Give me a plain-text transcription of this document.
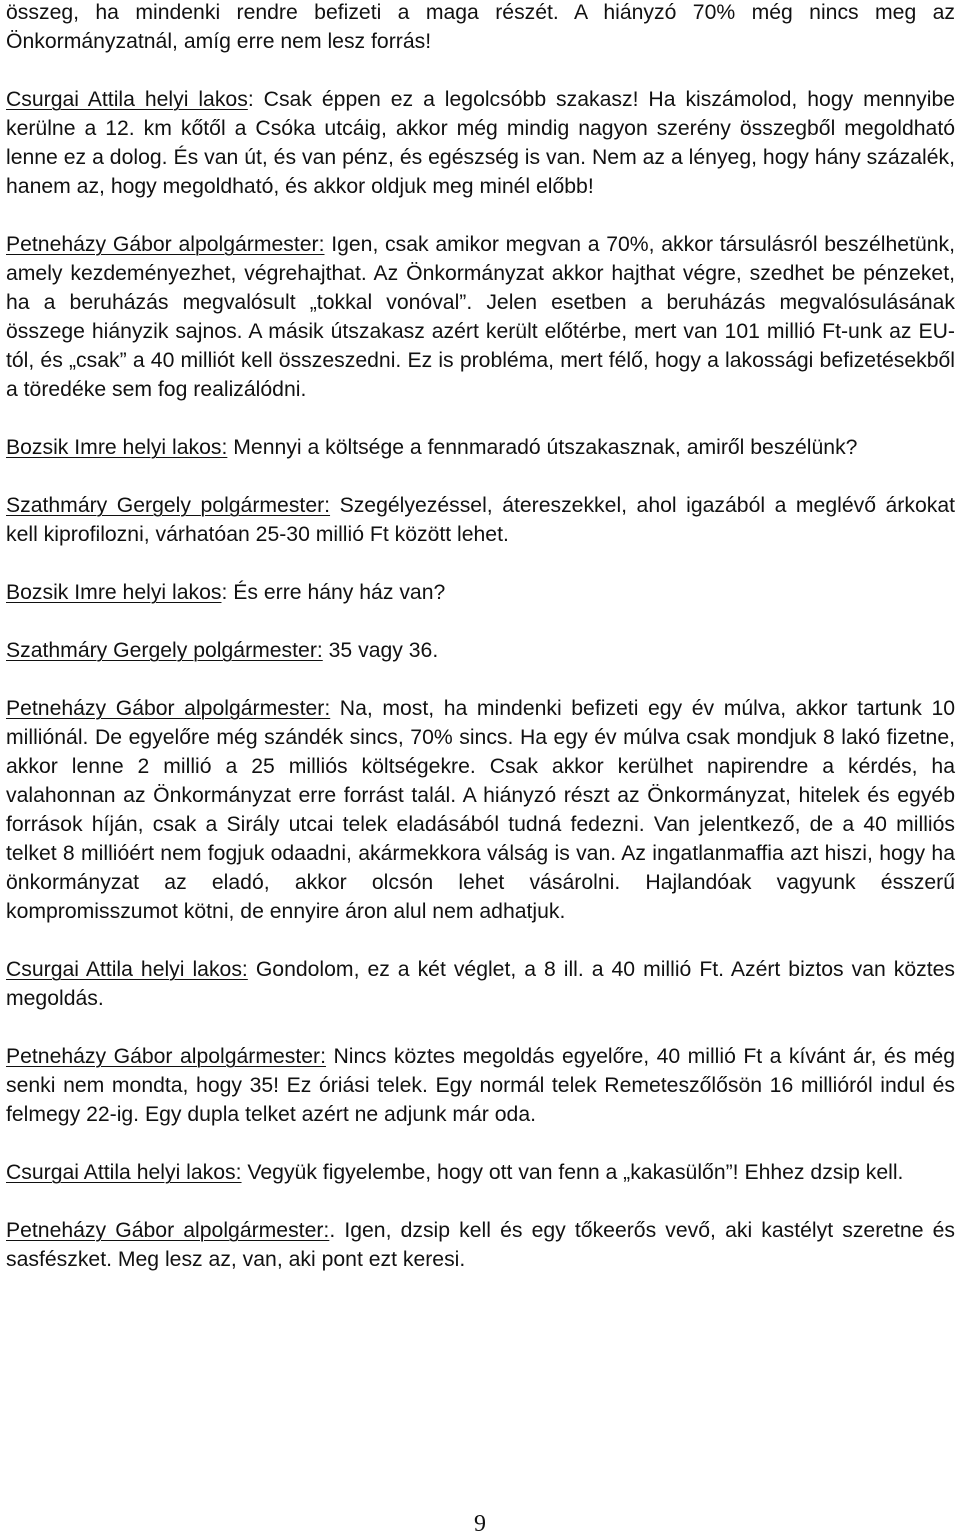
összeg, ha mindenki rendre befizeti a maga részét. A hiányzó 70% még nincs meg az Önkormányzatnál, amíg erre nem lesz forrás!

Csurgai Attila helyi lakos: Csak éppen ez a legolcsóbb szakasz! Ha kiszámolod, hogy mennyibe kerülne a 12. km kőtől a Csóka utcáig, akkor még mindig nagyon szerény összegből megoldható lenne ez a dolog. És van út, és van pénz, és egészség is van. Nem az a lényeg, hogy hány százalék, hanem az, hogy megoldható, és akkor oldjuk meg minél előbb!

Petneházy Gábor alpolgármester: Igen, csak amikor megvan a 70%, akkor társulásról beszélhetünk, amely kezdeményezhet, végrehajthat. Az Önkormányzat akkor hajthat végre, szedhet be pénzeket, ha a beruházás megvalósult „tokkal vonóval”. Jelen esetben a beruházás megvalósulásának összege hiányzik sajnos. A másik útszakasz azért került előtérbe, mert van 101 millió Ft-unk az EU-tól, és „csak” a 40 milliót kell összeszedni. Ez is probléma, mert félő, hogy a lakossági befizetésekből a töredéke sem fog realizálódni.

Bozsik Imre helyi lakos: Mennyi a költsége a fennmaradó útszakasznak, amiről beszélünk?

Szathmáry Gergely polgármester: Szegélyezéssel, átereszekkel, ahol igazából a meglévő árkokat kell kiprofilozni, várhatóan 25-30 millió Ft között lehet.

Bozsik Imre helyi lakos: És erre hány ház van?

Szathmáry Gergely polgármester: 35 vagy 36.

Petneházy Gábor alpolgármester: Na, most, ha mindenki befizeti egy év múlva, akkor tartunk 10 milliónál. De egyelőre még szándék sincs, 70% sincs. Ha egy év múlva csak mondjuk 8 lakó fizetne, akkor lenne 2 millió a 25 milliós költségekre. Csak akkor kerülhet napirendre a kérdés, ha valahonnan az Önkormányzat erre forrást talál. A hiányzó részt az Önkormányzat, hitelek és egyéb források híján, csak a Sirály utcai telek eladásából tudná fedezni. Van jelentkező, de a 40 milliós telket 8 millióért nem fogjuk odaadni, akármekkora válság is van. Az ingatlanmaffia azt hiszi, hogy ha önkormányzat az eladó, akkor olcsón lehet vásárolni. Hajlandóak vagyunk ésszerű kompromisszumot kötni, de ennyire áron alul nem adhatjuk.

Csurgai Attila helyi lakos: Gondolom, ez a két véglet, a 8 ill. a 40 millió Ft. Azért biztos van köztes megoldás.

Petneházy Gábor alpolgármester: Nincs köztes megoldás egyelőre, 40 millió Ft a kívánt ár, és még senki nem mondta, hogy 35! Ez óriási telek. Egy normál telek Remeteszőlősön 16 millióról indul és felmegy 22-ig. Egy dupla telket azért ne adjunk már oda.

Csurgai Attila helyi lakos: Vegyük figyelembe, hogy ott van fenn a „kakasülőn”! Ehhez dzsip kell.

Petneházy Gábor alpolgármester:. Igen, dzsip kell és egy tőkeerős vevő, aki kastélyt szeretne és sasfészket. Meg lesz az, van, aki pont ezt keresi.

9
